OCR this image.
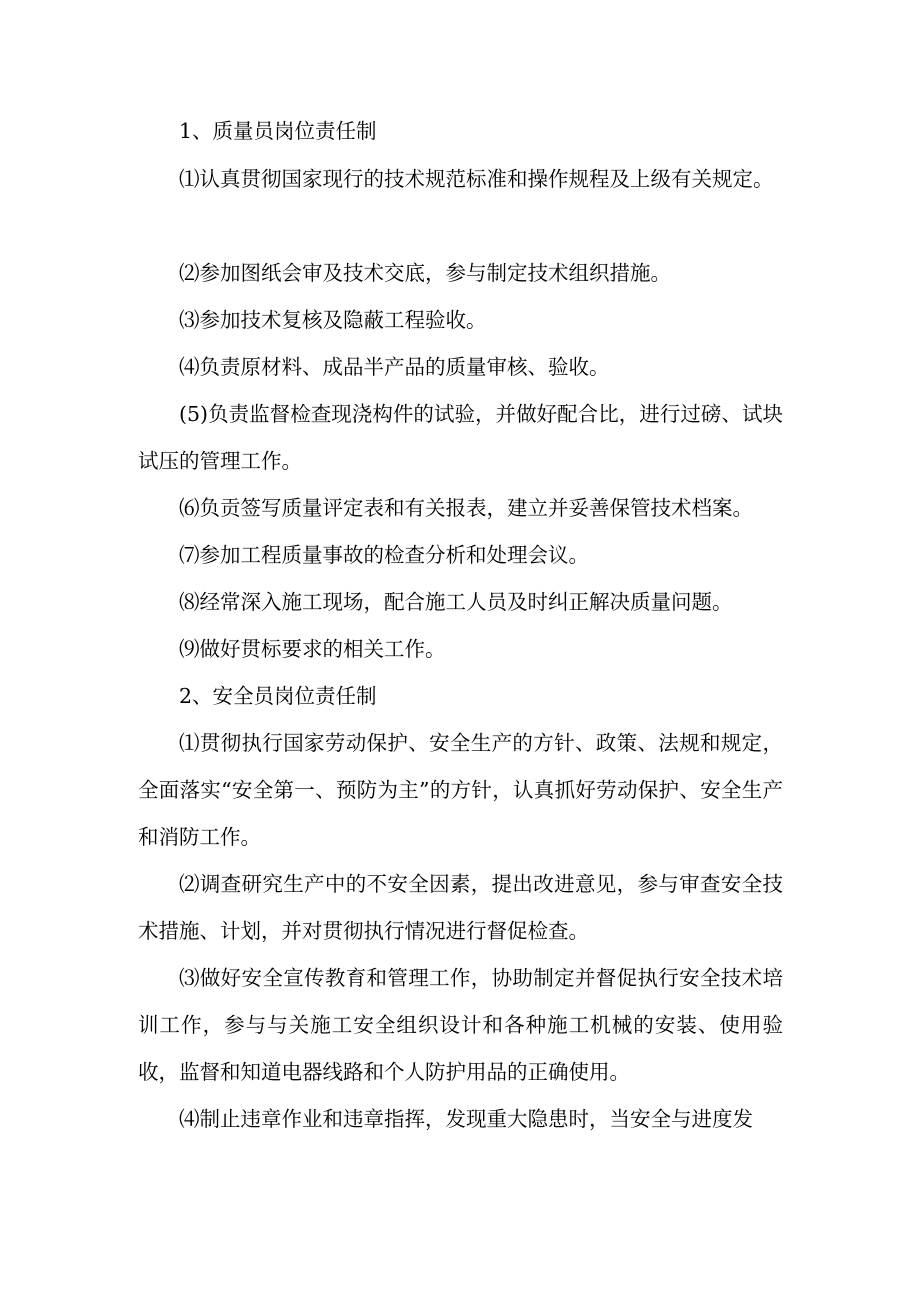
1、质量员岗位责任制

⑴认真贯彻国家现行的技术规范标准和操作规程及上级有关规定。

⑵参加图纸会审及技术交底，参与制定技术组织措施。

⑶参加技术复核及隐蔽工程验收。

⑷负责原材料、成品半产品的质量审核、验收。

(5)负责监督检查现浇构件的试验，并做好配合比，进行过磅、试块试压的管理工作。

⑹负贡签写质量评定表和有关报表，建立并妥善保管技术档案。

⑺参加工程质量事故的检查分析和处理会议。

⑻经常深入施工现场，配合施工人员及时纠正解决质量问题。

⑼做好贯标要求的相关工作。

2、安全员岗位责任制

⑴贯彻执行国家劳动保护、安全生产的方针、政策、法规和规定，全面落实“安全第一、预防为主”的方针，认真抓好劳动保护、安全生产和消防工作。

⑵调查研究生产中的不安全因素，提出改进意见，参与审查安全技术措施、计划，并对贯彻执行情况进行督促检查。

⑶做好安全宣传教育和管理工作，协助制定并督促执行安全技术培训工作，参与与关施工安全组织设计和各种施工机械的安装、使用验收，监督和知道电器线路和个人防护用品的正确使用。

⑷制止违章作业和违章指挥，发现重大隐患时，当安全与进度发
